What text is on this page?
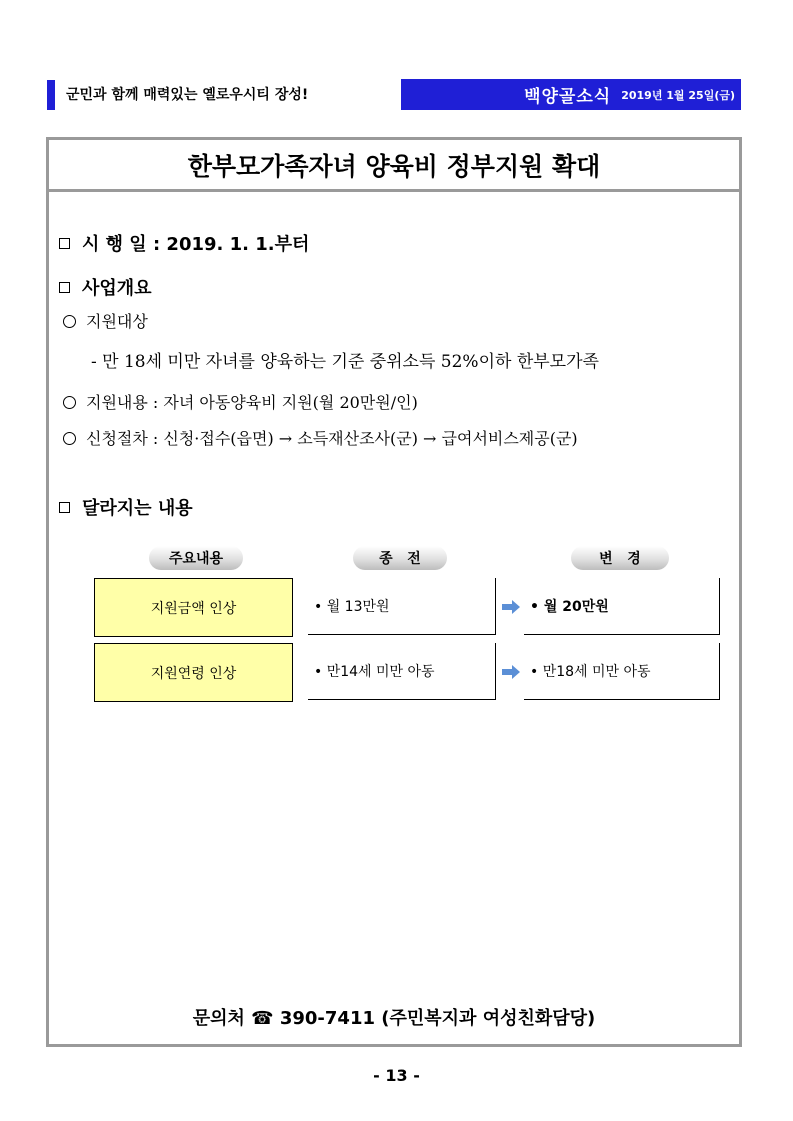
군민과 함께 매력있는 옐로우시티 장성!	백양골소식 2019년 1월 25일(금)
한부모가족자녀 양육비 정부지원 확대
시 행 일 : 2019. 1. 1.부터
사업개요
지원대상
- 만 18세 미만 자녀를 양육하는 기준 중위소득 52%이하 한부모가족
지원내용 : 자녀 아동양육비 지원(월 20만원/인)
신청절차 : 신청·접수(읍면) → 소득재산조사(군) → 급여서비스제공(군)
달라지는 내용
주요내용	종   전	변   경
지원금액 인상	• 월 13만원	• 월 20만원
지원연령 인상	• 만14세 미만 아동	• 만18세 미만 아동
문의처 ☎ 390-7411 (주민복지과 여성친화담당)
- 13 -
